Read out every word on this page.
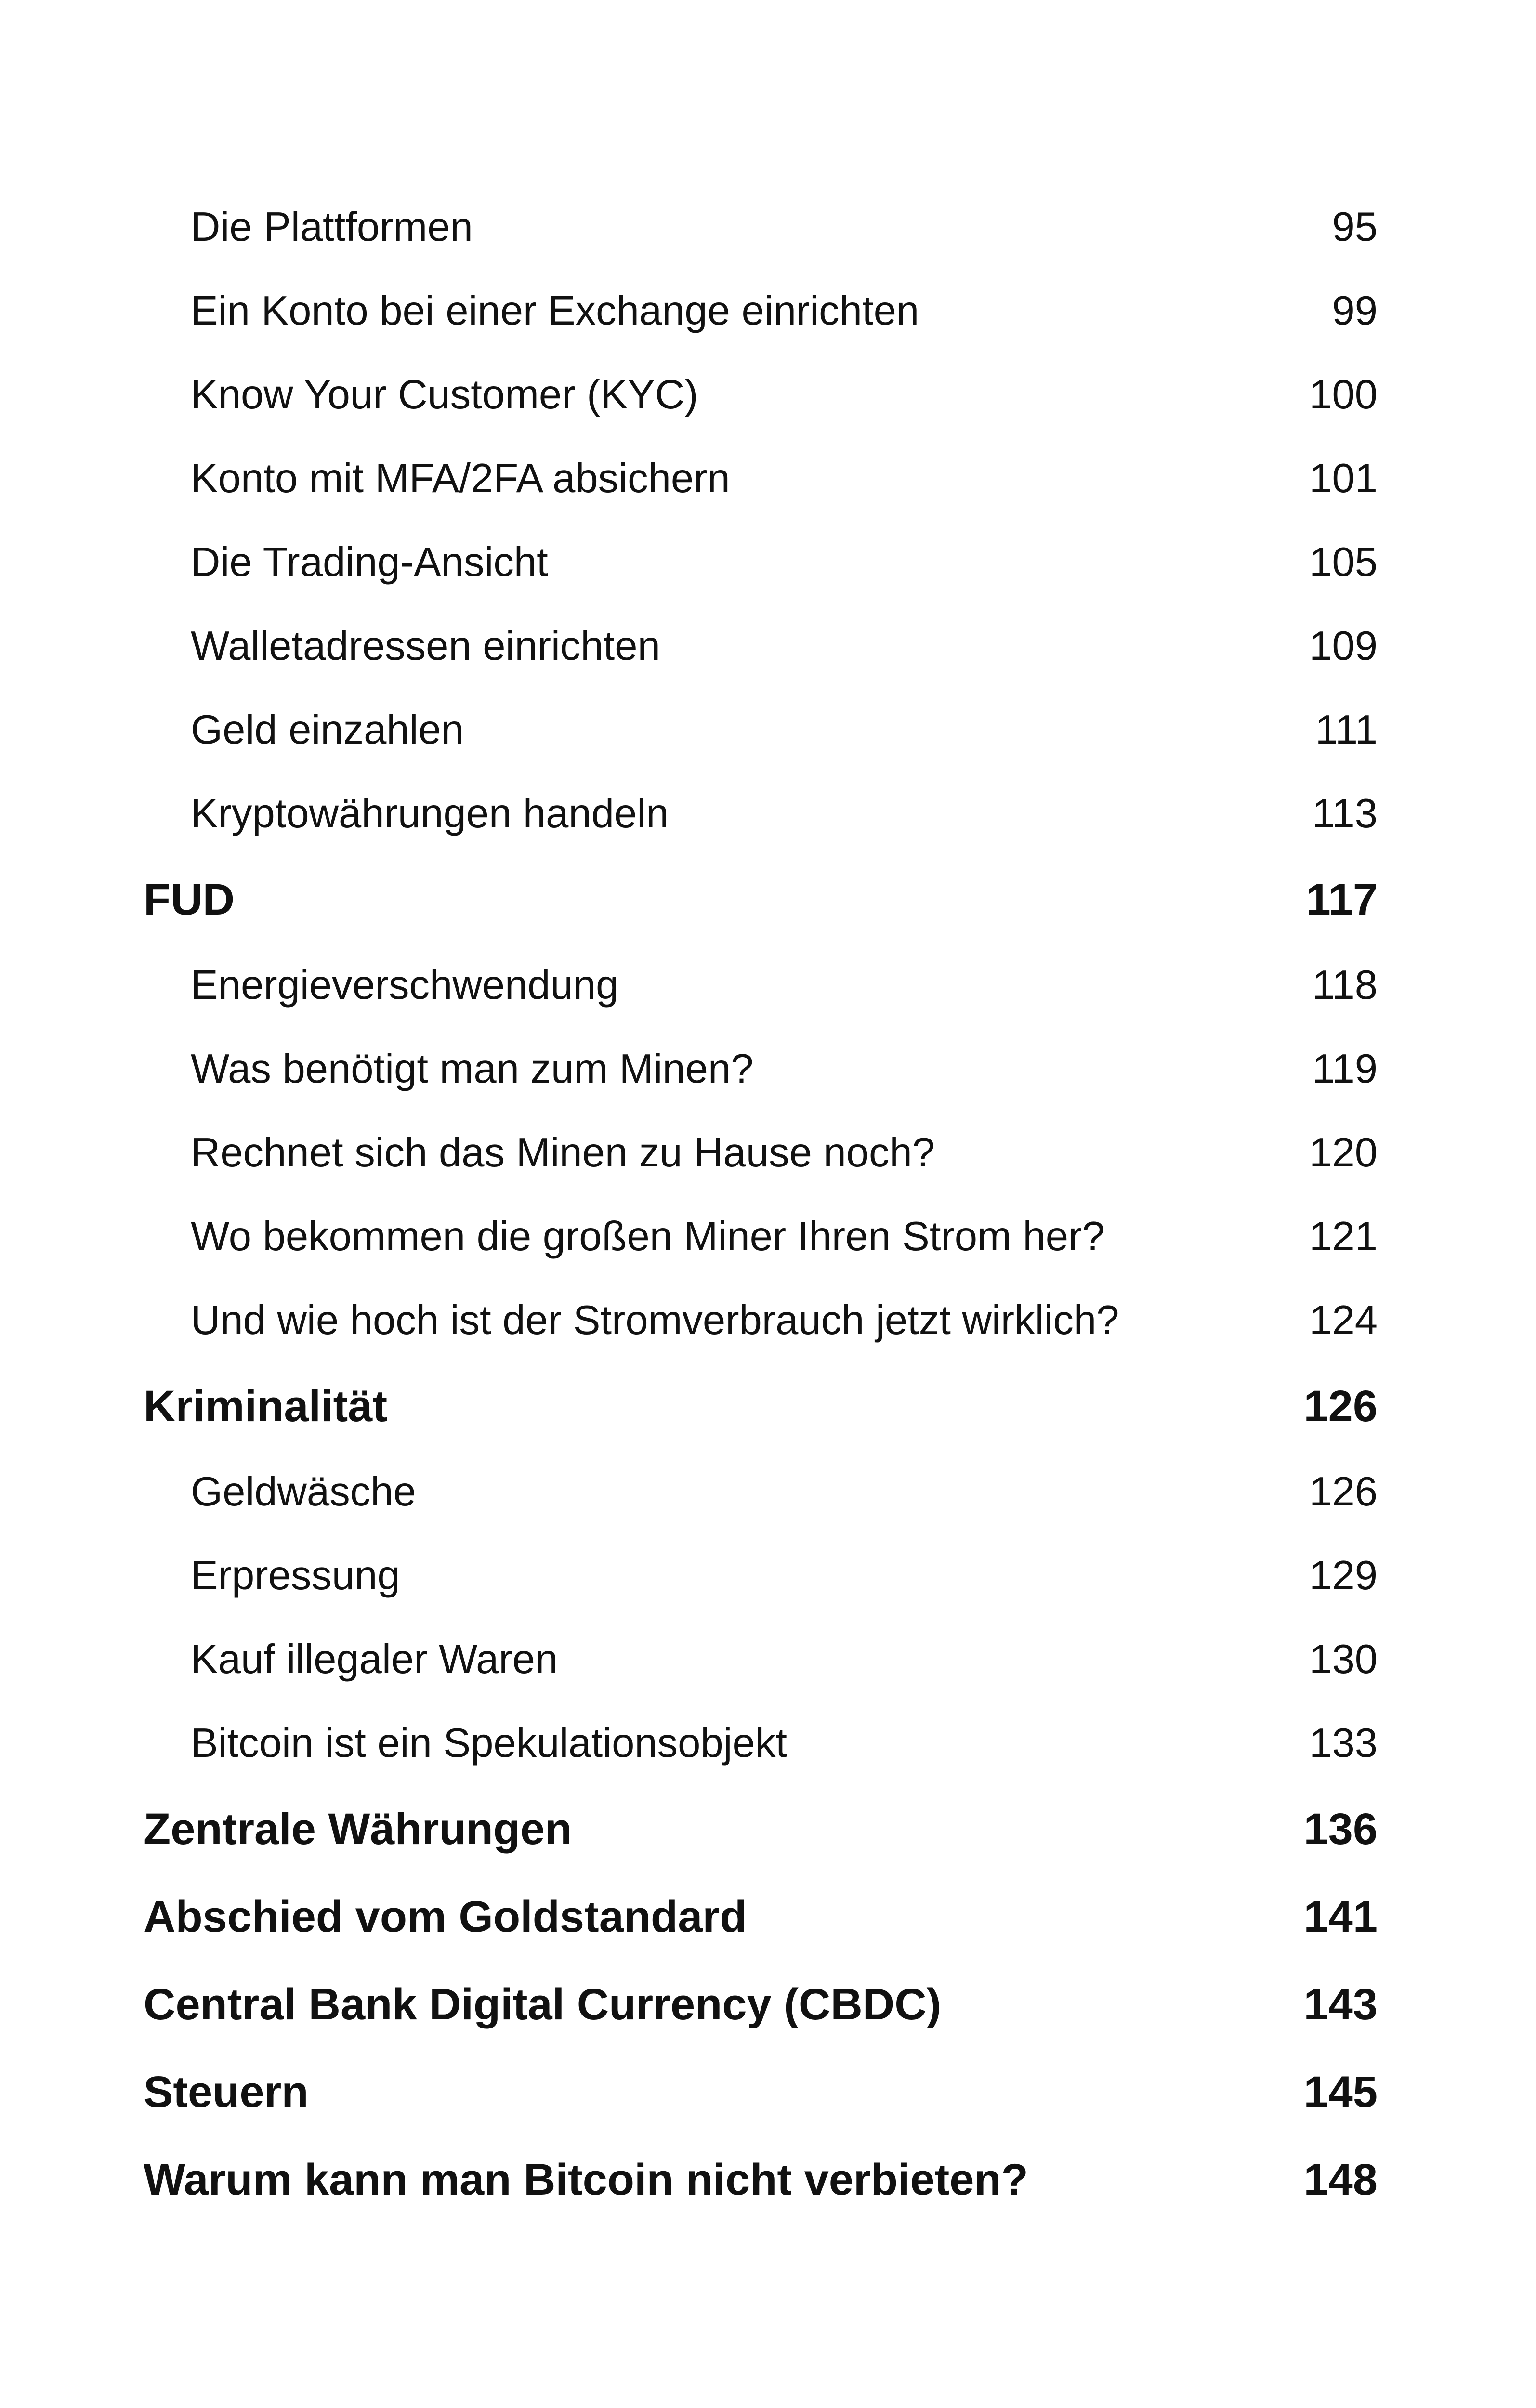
Die Plattformen	95
Ein Konto bei einer Exchange einrichten	99
Know Your Customer (KYC)	100
Konto mit MFA/2FA absichern	101
Die Trading-Ansicht	105
Walletadressen einrichten	109
Geld einzahlen	111
Kryptowährungen handeln	113
FUD	117
Energieverschwendung	118
Was benötigt man zum Minen?	119
Rechnet sich das Minen zu Hause noch?	120
Wo bekommen die großen Miner Ihren Strom her?	121
Und wie hoch ist der Stromverbrauch jetzt wirklich?	124
Kriminalität	126
Geldwäsche	126
Erpressung	129
Kauf illegaler Waren	130
Bitcoin ist ein Spekulationsobjekt	133
Zentrale Währungen	136
Abschied vom Goldstandard	141
Central Bank Digital Currency (CBDC)	143
Steuern	145
Warum kann man Bitcoin nicht verbieten?	148
